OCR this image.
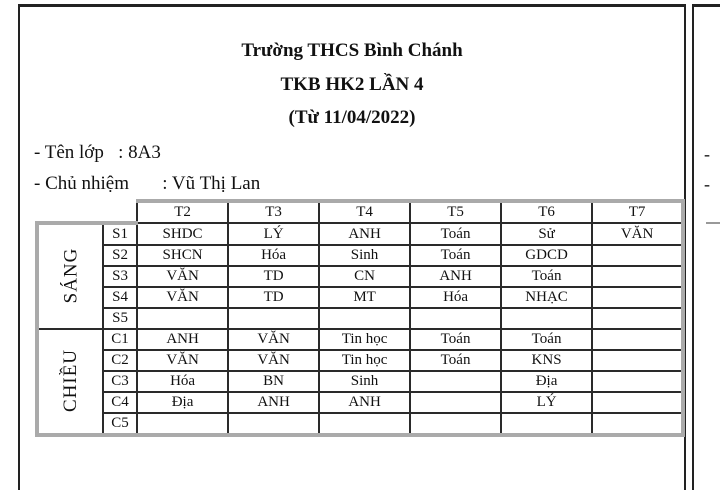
-
-
Trường THCS Bình Chánh
TKB HK2 LẦN 4
(Từ 11/04/2022)
- Tên lớp : 8A3
- Chủ nhiệm : Vũ Thị Lan
		T2	T3	T4	T5	T6	T7
SÁNG	S1	SHDC	LÝ	ANH	Toán	Sử	VĂN
	S2	SHCN	Hóa	Sinh	Toán	GDCD	
	S3	VĂN	TD	CN	ANH	Toán	
	S4	VĂN	TD	MT	Hóa	NHẠC	
	S5						
CHIỀU	C1	ANH	VĂN	Tin học	Toán	Toán	
	C2	VĂN	VĂN	Tin học	Toán	KNS	
	C3	Hóa	BN	Sinh		Địa	
	C4	Địa	ANH	ANH		LÝ	
	C5						
